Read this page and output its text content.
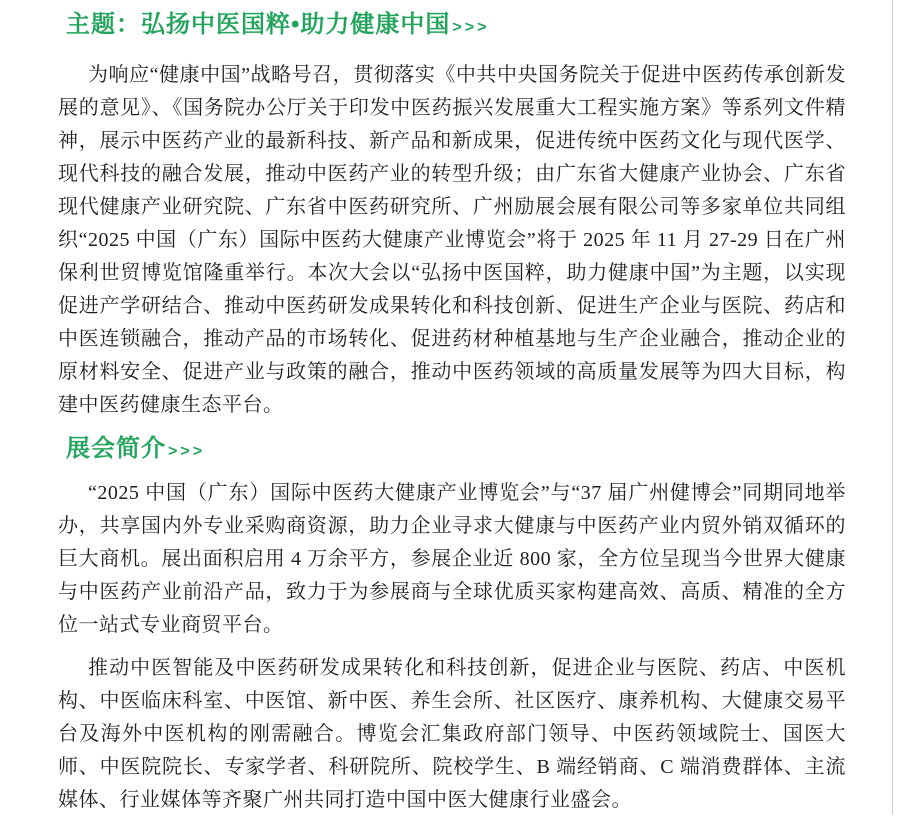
主题：弘扬中医国粹•助力健康中国 >>>

为响应“健康中国”战略号召，贯彻落实《中共中央国务院关于促进中医药传承创新发展的意见》、《国务院办公厅关于印发中医药振兴发展重大工程实施方案》等系列文件精神，展示中医药产业的最新科技、新产品和新成果，促进传统中医药文化与现代医学、现代科技的融合发展，推动中医药产业的转型升级；由广东省大健康产业协会、广东省现代健康产业研究院、广东省中医药研究所、广州励展会展有限公司等多家单位共同组织“2025 中国（广东）国际中医药大健康产业博览会”将于 2025 年 11 月 27-29 日在广州保利世贸博览馆隆重举行。本次大会以“弘扬中医国粹，助力健康中国”为主题，以实现促进产学研结合、推动中医药研发成果转化和科技创新、促进生产企业与医院、药店和中医连锁融合，推动产品的市场转化、促进药材种植基地与生产企业融合，推动企业的原材料安全、促进产业与政策的融合，推动中医药领域的高质量发展等为四大目标，构建中医药健康生态平台。

展会简介 >>>

“2025 中国（广东）国际中医药大健康产业博览会”与“37 届广州健博会”同期同地举办，共享国内外专业采购商资源，助力企业寻求大健康与中医药产业内贸外销双循环的巨大商机。展出面积启用 4 万余平方，参展企业近 800 家，全方位呈现当今世界大健康与中医药产业前沿产品，致力于为参展商与全球优质买家构建高效、高质、精准的全方位一站式专业商贸平台。

推动中医智能及中医药研发成果转化和科技创新，促进企业与医院、药店、中医机构、中医临床科室、中医馆、新中医、养生会所、社区医疗、康养机构、大健康交易平台及海外中医机构的刚需融合。博览会汇集政府部门领导、中医药领域院士、国医大师、中医院院长、专家学者、科研院所、院校学生、B 端经销商、C 端消费群体、主流媒体、行业媒体等齐聚广州共同打造中国中医大健康行业盛会。
